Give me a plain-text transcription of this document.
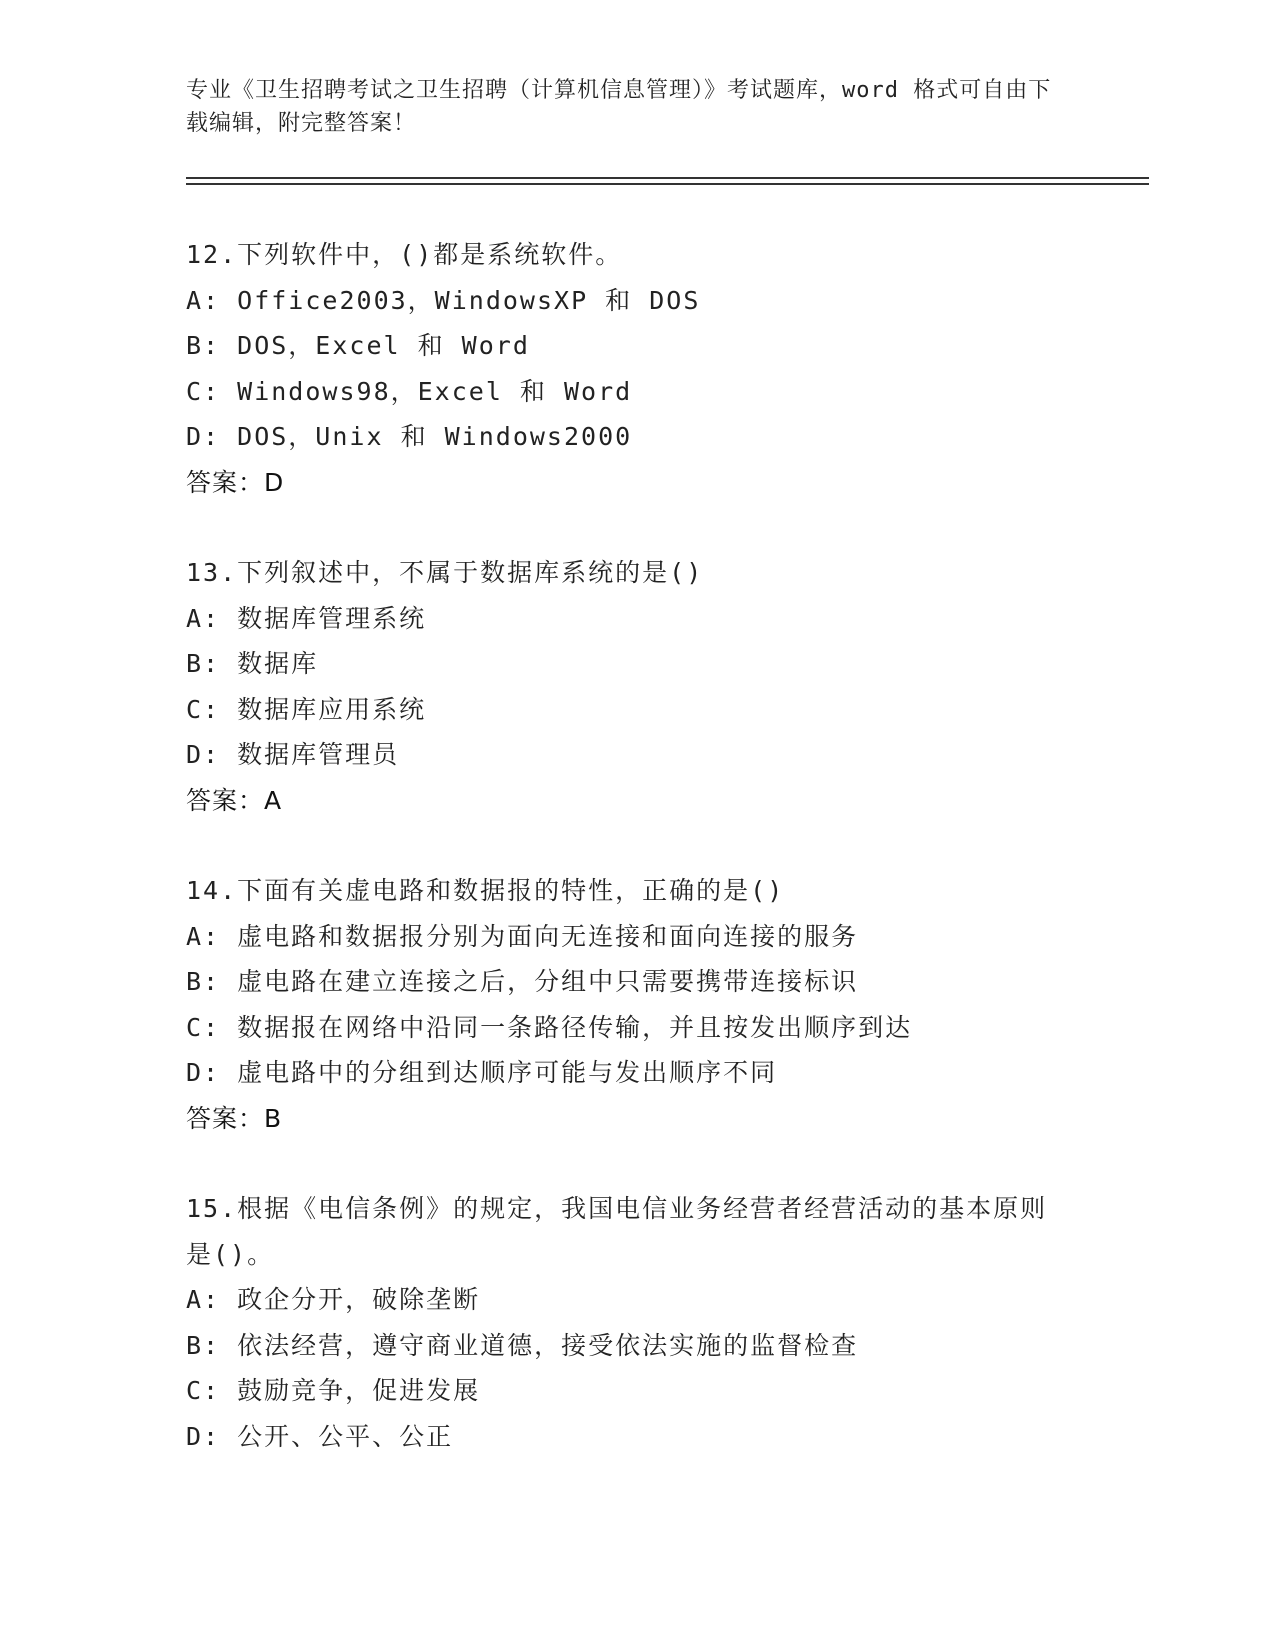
专业《卫生招聘考试之卫生招聘（计算机信息管理）》考试题库，word 格式可自由下载编辑，附完整答案！
12.下列软件中，()都是系统软件。
A: Office2003，WindowsXP 和 DOS
B: DOS，Excel 和 Word
C: Windows98，Excel 和 Word
D: DOS，Unix 和 Windows2000
答案：D
13.下列叙述中，不属于数据库系统的是()
A: 数据库管理系统
B: 数据库
C: 数据库应用系统
D: 数据库管理员
答案：A
14.下面有关虚电路和数据报的特性，正确的是()
A: 虚电路和数据报分别为面向无连接和面向连接的服务
B: 虚电路在建立连接之后，分组中只需要携带连接标识
C: 数据报在网络中沿同一条路径传输，并且按发出顺序到达
D: 虚电路中的分组到达顺序可能与发出顺序不同
答案：B
15.根据《电信条例》的规定，我国电信业务经营者经营活动的基本原则是()。
A: 政企分开，破除垄断
B: 依法经营，遵守商业道德，接受依法实施的监督检查
C: 鼓励竞争，促进发展
D: 公开、公平、公正
